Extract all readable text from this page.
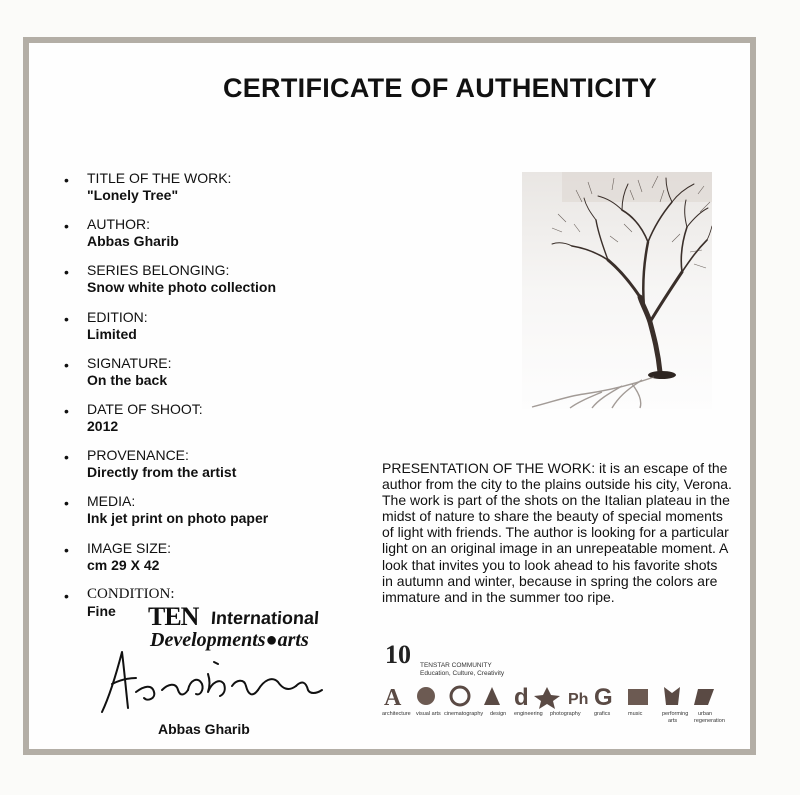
CERTIFICATE OF AUTHENTICITY
• TITLE OF THE WORK:
"Lonely Tree"
• AUTHOR:
Abbas Gharib
• SERIES BELONGING:
Snow white photo collection
• EDITION:
Limited
• SIGNATURE:
On the back
• DATE OF SHOOT:
2012
• PROVENANCE:
Directly from the artist
• MEDIA:
Ink jet print on photo paper
• IMAGE SIZE:
cm 29 X 42
• CONDITION:
Fine
PRESENTATION OF THE WORK: it is an escape of the author from the city to the plains outside his city, Verona. The work is part of the shots on the Italian plateau in the midst of nature to share the beauty of special moments of light with friends. The author is looking for a particular light on an original image in an unrepeatable moment. A look that invites you to look ahead to his favorite shots in autumn and winter, because in spring the colors are immature and in the summer too ripe.
TEN International
Developments●arts
Abbas Gharib
10 TENSTAR COMMUNITY
Education, Culture, Creativity
A	d Ph G
architecture visual arts cinematography design engineering photography grafics	music	performing urban
arts	regeneration
